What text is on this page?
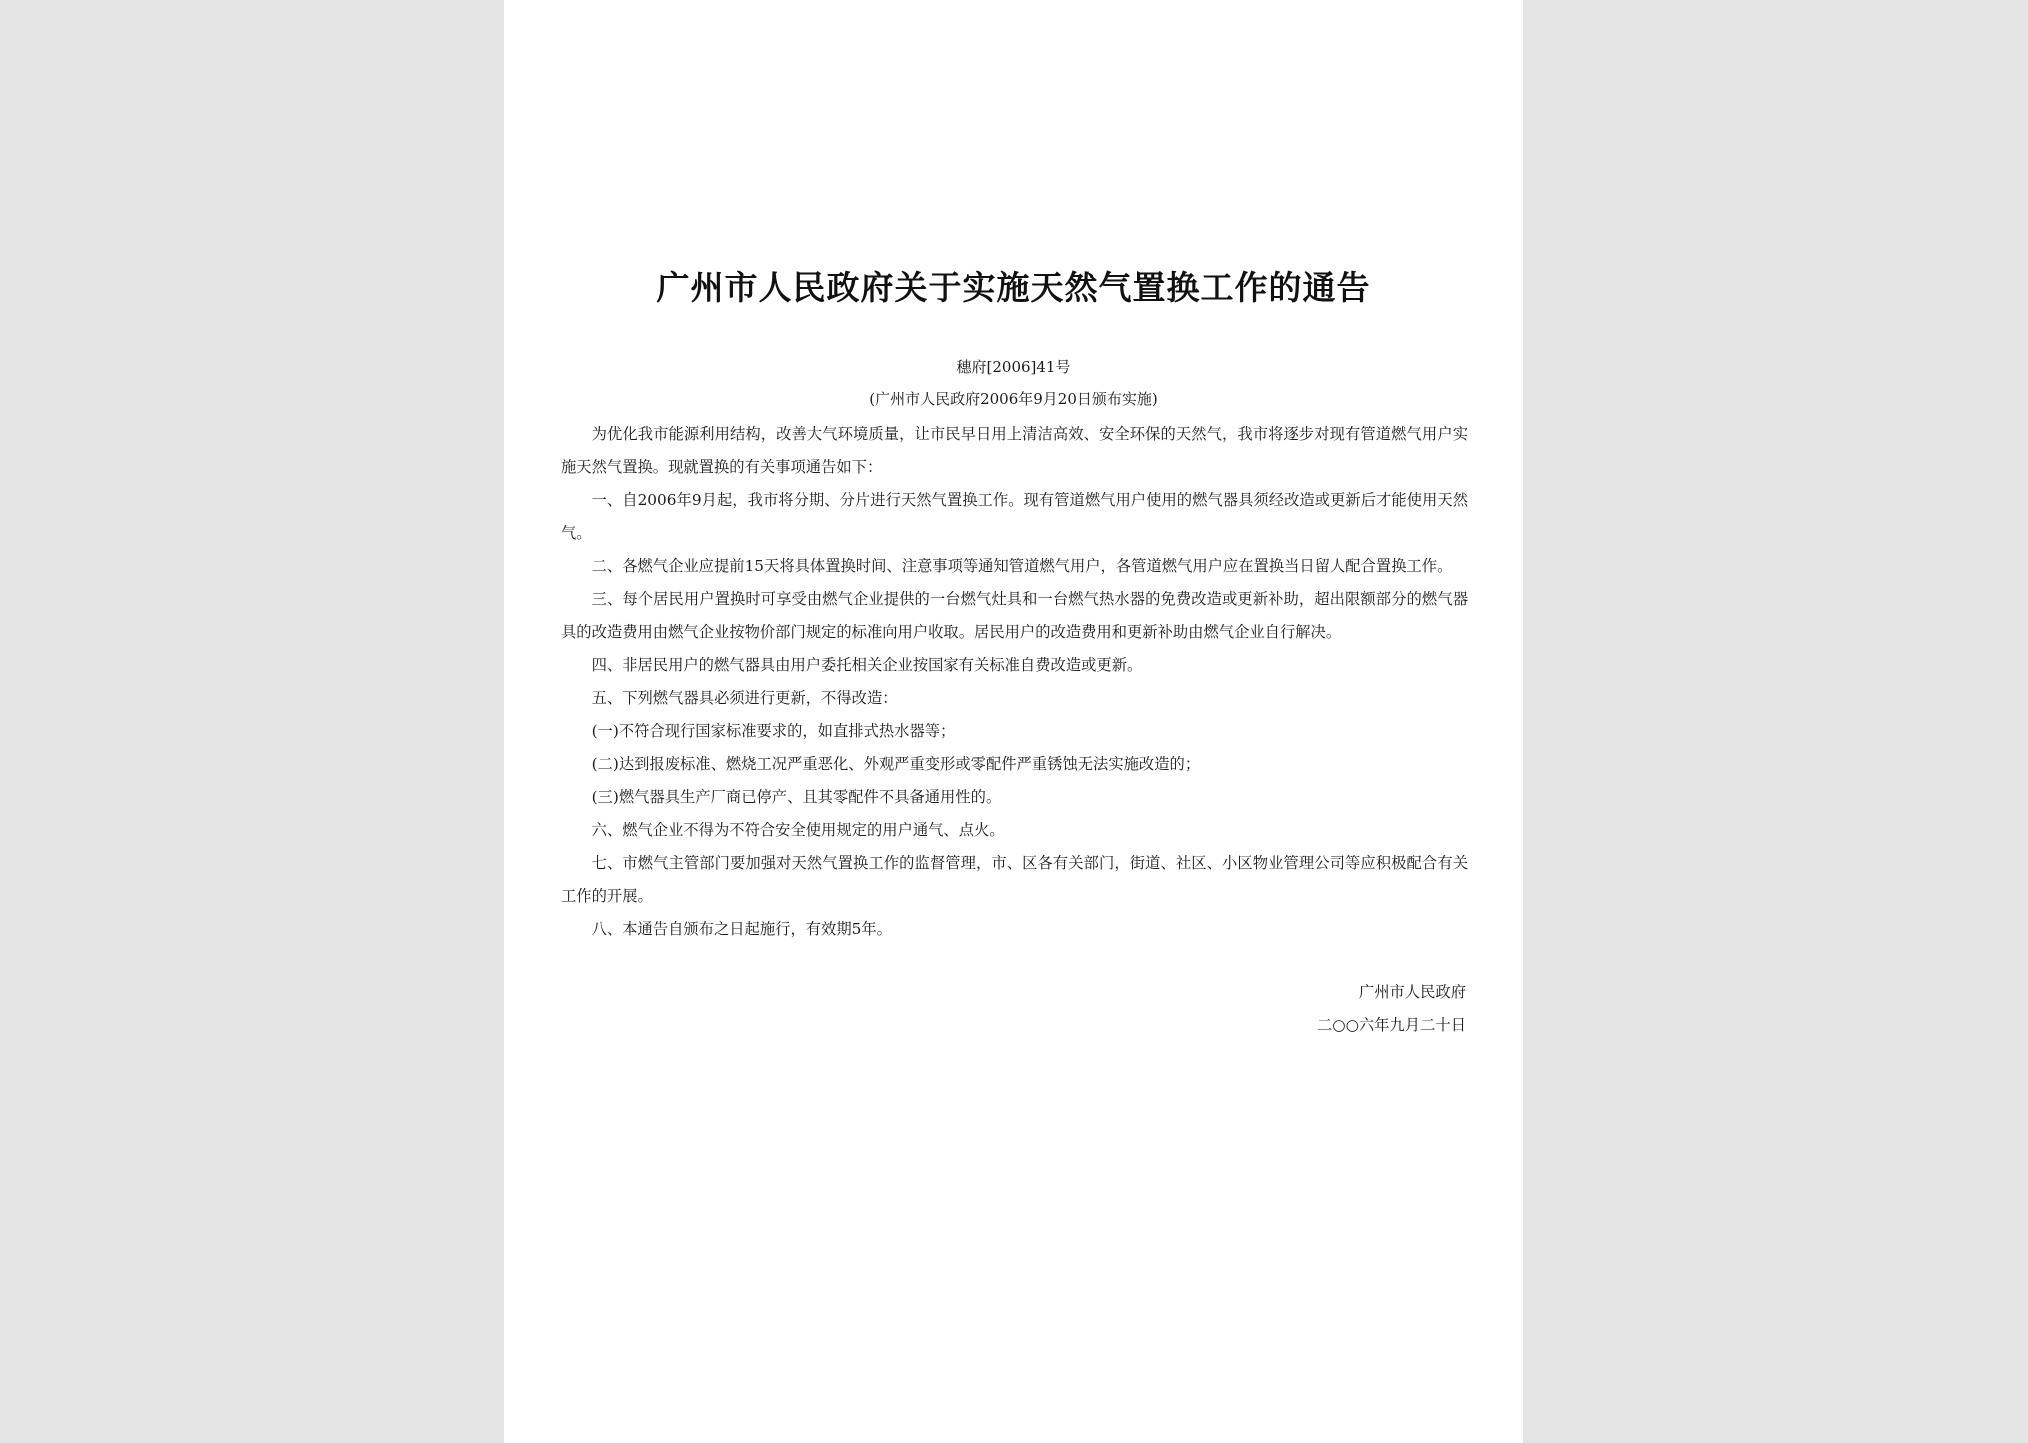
广州市人民政府关于实施天然气置换工作的通告
穗府[2006]41号
(广州市人民政府2006年9月20日颁布实施)

为优化我市能源利用结构，改善大气环境质量，让市民早日用上清洁高效、安全环保的天然气，我市将逐步对现有管道燃气用户实施天然气置换。现就置换的有关事项通告如下：

一、自2006年9月起，我市将分期、分片进行天然气置换工作。现有管道燃气用户使用的燃气器具须经改造或更新后才能使用天然气。

二、各燃气企业应提前15天将具体置换时间、注意事项等通知管道燃气用户，各管道燃气用户应在置换当日留人配合置换工作。

三、每个居民用户置换时可享受由燃气企业提供的一台燃气灶具和一台燃气热水器的免费改造或更新补助，超出限额部分的燃气器具的改造费用由燃气企业按物价部门规定的标准向用户收取。居民用户的改造费用和更新补助由燃气企业自行解决。

四、非居民用户的燃气器具由用户委托相关企业按国家有关标准自费改造或更新。

五、下列燃气器具必须进行更新，不得改造：

(一)不符合现行国家标准要求的，如直排式热水器等；

(二)达到报废标准、燃烧工况严重恶化、外观严重变形或零配件严重锈蚀无法实施改造的；

(三)燃气器具生产厂商已停产、且其零配件不具备通用性的。

六、燃气企业不得为不符合安全使用规定的用户通气、点火。

七、市燃气主管部门要加强对天然气置换工作的监督管理，市、区各有关部门，街道、社区、小区物业管理公司等应积极配合有关工作的开展。

八、本通告自颁布之日起施行，有效期5年。

广州市人民政府
二○○六年九月二十日
